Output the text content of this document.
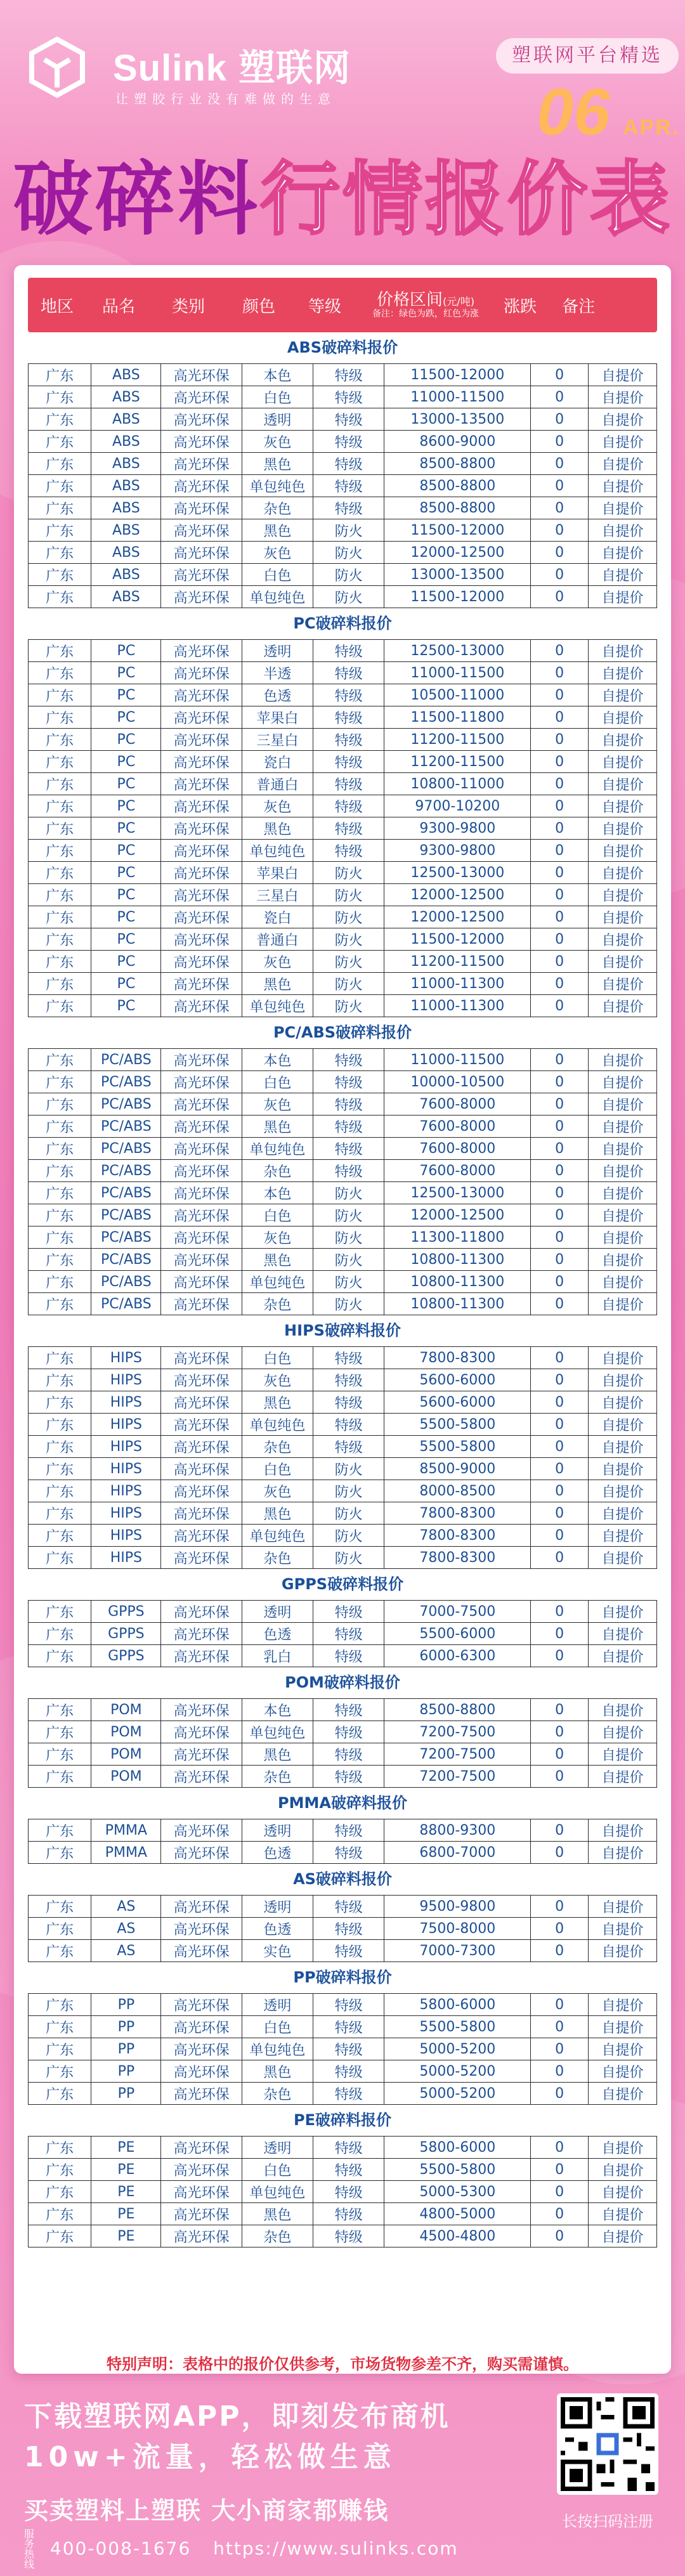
Sulink 塑联网
让塑胶行业没有难做的生意
塑联网平台精选
06 APR.
破碎料行情报价表
地区	品名	类别	颜色	等级	价格区间(元/吨)
备注：绿色为跌，红色为涨	涨跌	备注
ABS破碎料报价
广东	ABS	高光环保	本色	特级	11500-12000	0	自提价
广东	ABS	高光环保	白色	特级	11000-11500	0	自提价
广东	ABS	高光环保	透明	特级	13000-13500	0	自提价
广东	ABS	高光环保	灰色	特级	8600-9000	0	自提价
广东	ABS	高光环保	黑色	特级	8500-8800	0	自提价
广东	ABS	高光环保	单包纯色	特级	8500-8800	0	自提价
广东	ABS	高光环保	杂色	特级	8500-8800	0	自提价
广东	ABS	高光环保	黑色	防火	11500-12000	0	自提价
广东	ABS	高光环保	灰色	防火	12000-12500	0	自提价
广东	ABS	高光环保	白色	防火	13000-13500	0	自提价
广东	ABS	高光环保	单包纯色	防火	11500-12000	0	自提价
PC破碎料报价
广东	PC	高光环保	透明	特级	12500-13000	0	自提价
广东	PC	高光环保	半透	特级	11000-11500	0	自提价
广东	PC	高光环保	色透	特级	10500-11000	0	自提价
广东	PC	高光环保	苹果白	特级	11500-11800	0	自提价
广东	PC	高光环保	三星白	特级	11200-11500	0	自提价
广东	PC	高光环保	瓷白	特级	11200-11500	0	自提价
广东	PC	高光环保	普通白	特级	10800-11000	0	自提价
广东	PC	高光环保	灰色	特级	9700-10200	0	自提价
广东	PC	高光环保	黑色	特级	9300-9800	0	自提价
广东	PC	高光环保	单包纯色	特级	9300-9800	0	自提价
广东	PC	高光环保	苹果白	防火	12500-13000	0	自提价
广东	PC	高光环保	三星白	防火	12000-12500	0	自提价
广东	PC	高光环保	瓷白	防火	12000-12500	0	自提价
广东	PC	高光环保	普通白	防火	11500-12000	0	自提价
广东	PC	高光环保	灰色	防火	11200-11500	0	自提价
广东	PC	高光环保	黑色	防火	11000-11300	0	自提价
广东	PC	高光环保	单包纯色	防火	11000-11300	0	自提价
PC/ABS破碎料报价
广东	PC/ABS	高光环保	本色	特级	11000-11500	0	自提价
广东	PC/ABS	高光环保	白色	特级	10000-10500	0	自提价
广东	PC/ABS	高光环保	灰色	特级	7600-8000	0	自提价
广东	PC/ABS	高光环保	黑色	特级	7600-8000	0	自提价
广东	PC/ABS	高光环保	单包纯色	特级	7600-8000	0	自提价
广东	PC/ABS	高光环保	杂色	特级	7600-8000	0	自提价
广东	PC/ABS	高光环保	本色	防火	12500-13000	0	自提价
广东	PC/ABS	高光环保	白色	防火	12000-12500	0	自提价
广东	PC/ABS	高光环保	灰色	防火	11300-11800	0	自提价
广东	PC/ABS	高光环保	黑色	防火	10800-11300	0	自提价
广东	PC/ABS	高光环保	单包纯色	防火	10800-11300	0	自提价
广东	PC/ABS	高光环保	杂色	防火	10800-11300	0	自提价
HIPS破碎料报价
广东	HIPS	高光环保	白色	特级	7800-8300	0	自提价
广东	HIPS	高光环保	灰色	特级	5600-6000	0	自提价
广东	HIPS	高光环保	黑色	特级	5600-6000	0	自提价
广东	HIPS	高光环保	单包纯色	特级	5500-5800	0	自提价
广东	HIPS	高光环保	杂色	特级	5500-5800	0	自提价
广东	HIPS	高光环保	白色	防火	8500-9000	0	自提价
广东	HIPS	高光环保	灰色	防火	8000-8500	0	自提价
广东	HIPS	高光环保	黑色	防火	7800-8300	0	自提价
广东	HIPS	高光环保	单包纯色	防火	7800-8300	0	自提价
广东	HIPS	高光环保	杂色	防火	7800-8300	0	自提价
GPPS破碎料报价
广东	GPPS	高光环保	透明	特级	7000-7500	0	自提价
广东	GPPS	高光环保	色透	特级	5500-6000	0	自提价
广东	GPPS	高光环保	乳白	特级	6000-6300	0	自提价
POM破碎料报价
广东	POM	高光环保	本色	特级	8500-8800	0	自提价
广东	POM	高光环保	单包纯色	特级	7200-7500	0	自提价
广东	POM	高光环保	黑色	特级	7200-7500	0	自提价
广东	POM	高光环保	杂色	特级	7200-7500	0	自提价
PMMA破碎料报价
广东	PMMA	高光环保	透明	特级	8800-9300	0	自提价
广东	PMMA	高光环保	色透	特级	6800-7000	0	自提价
AS破碎料报价
广东	AS	高光环保	透明	特级	9500-9800	0	自提价
广东	AS	高光环保	色透	特级	7500-8000	0	自提价
广东	AS	高光环保	实色	特级	7000-7300	0	自提价
PP破碎料报价
广东	PP	高光环保	透明	特级	5800-6000	0	自提价
广东	PP	高光环保	白色	特级	5500-5800	0	自提价
广东	PP	高光环保	单包纯色	特级	5000-5200	0	自提价
广东	PP	高光环保	黑色	特级	5000-5200	0	自提价
广东	PP	高光环保	杂色	特级	5000-5200	0	自提价
PE破碎料报价
广东	PE	高光环保	透明	特级	5800-6000	0	自提价
广东	PE	高光环保	白色	特级	5500-5800	0	自提价
广东	PE	高光环保	单包纯色	特级	5000-5300	0	自提价
广东	PE	高光环保	黑色	特级	4800-5000	0	自提价
广东	PE	高光环保	杂色	特级	4500-4800	0	自提价
特别声明：表格中的报价仅供参考，市场货物参差不齐，购买需谨慎。
下载塑联网APP，即刻发布商机
10w+流量，轻松做生意
买卖塑料上塑联 大小商家都赚钱
服务热线 400-008-1676 https://www.sulinks.com
长按扫码注册
